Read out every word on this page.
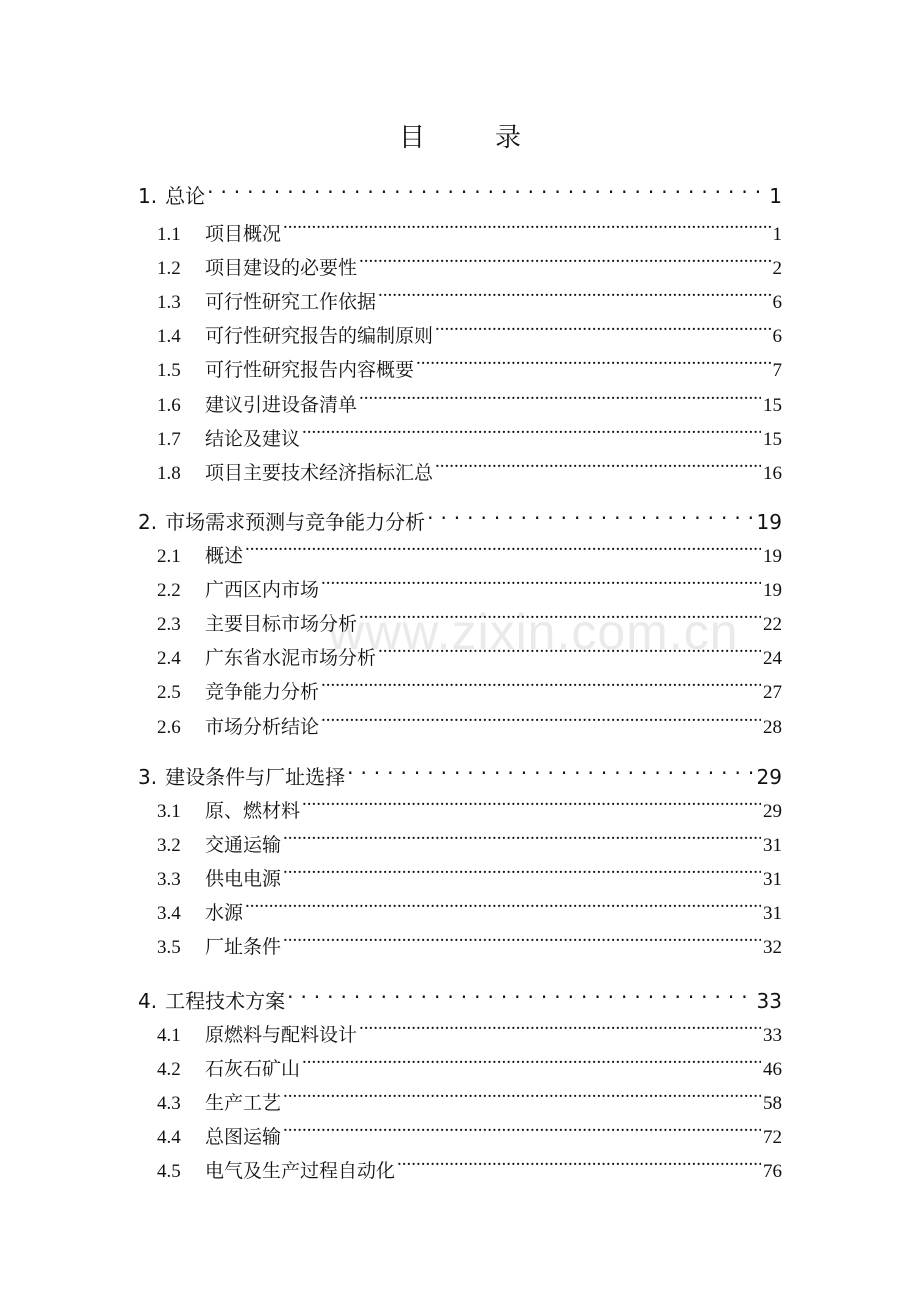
目	录
www.zixin.com.cn
1. 总论 .....	1
1.1	项目概况 .....	1
1.2	项目建设的必要性 .....	2
1.3	可行性研究工作依据 .....	6
1.4	可行性研究报告的编制原则 .....	6
1.5	可行性研究报告内容概要 .....	7
1.6	建议引进设备清单 .....	15
1.7	结论及建议 .....	15
1.8	项目主要技术经济指标汇总 .....	16
2. 市场需求预测与竞争能力分析 .....	19
2.1	概述 .....	19
2.2	广西区内市场 .....	19
2.3	主要目标市场分析 .....	22
2.4	广东省水泥市场分析 .....	24
2.5	竞争能力分析 .....	27
2.6	市场分析结论 .....	28
3. 建设条件与厂址选择 .....	29
3.1	原、燃材料 .....	29
3.2	交通运输 .....	31
3.3	供电电源 .....	31
3.4	水源 .....	31
3.5	厂址条件 .....	32
4. 工程技术方案 .....	33
4.1	原燃料与配料设计 .....	33
4.2	石灰石矿山 .....	46
4.3	生产工艺 .....	58
4.4	总图运输 .....	72
4.5	电气及生产过程自动化 .....	76
